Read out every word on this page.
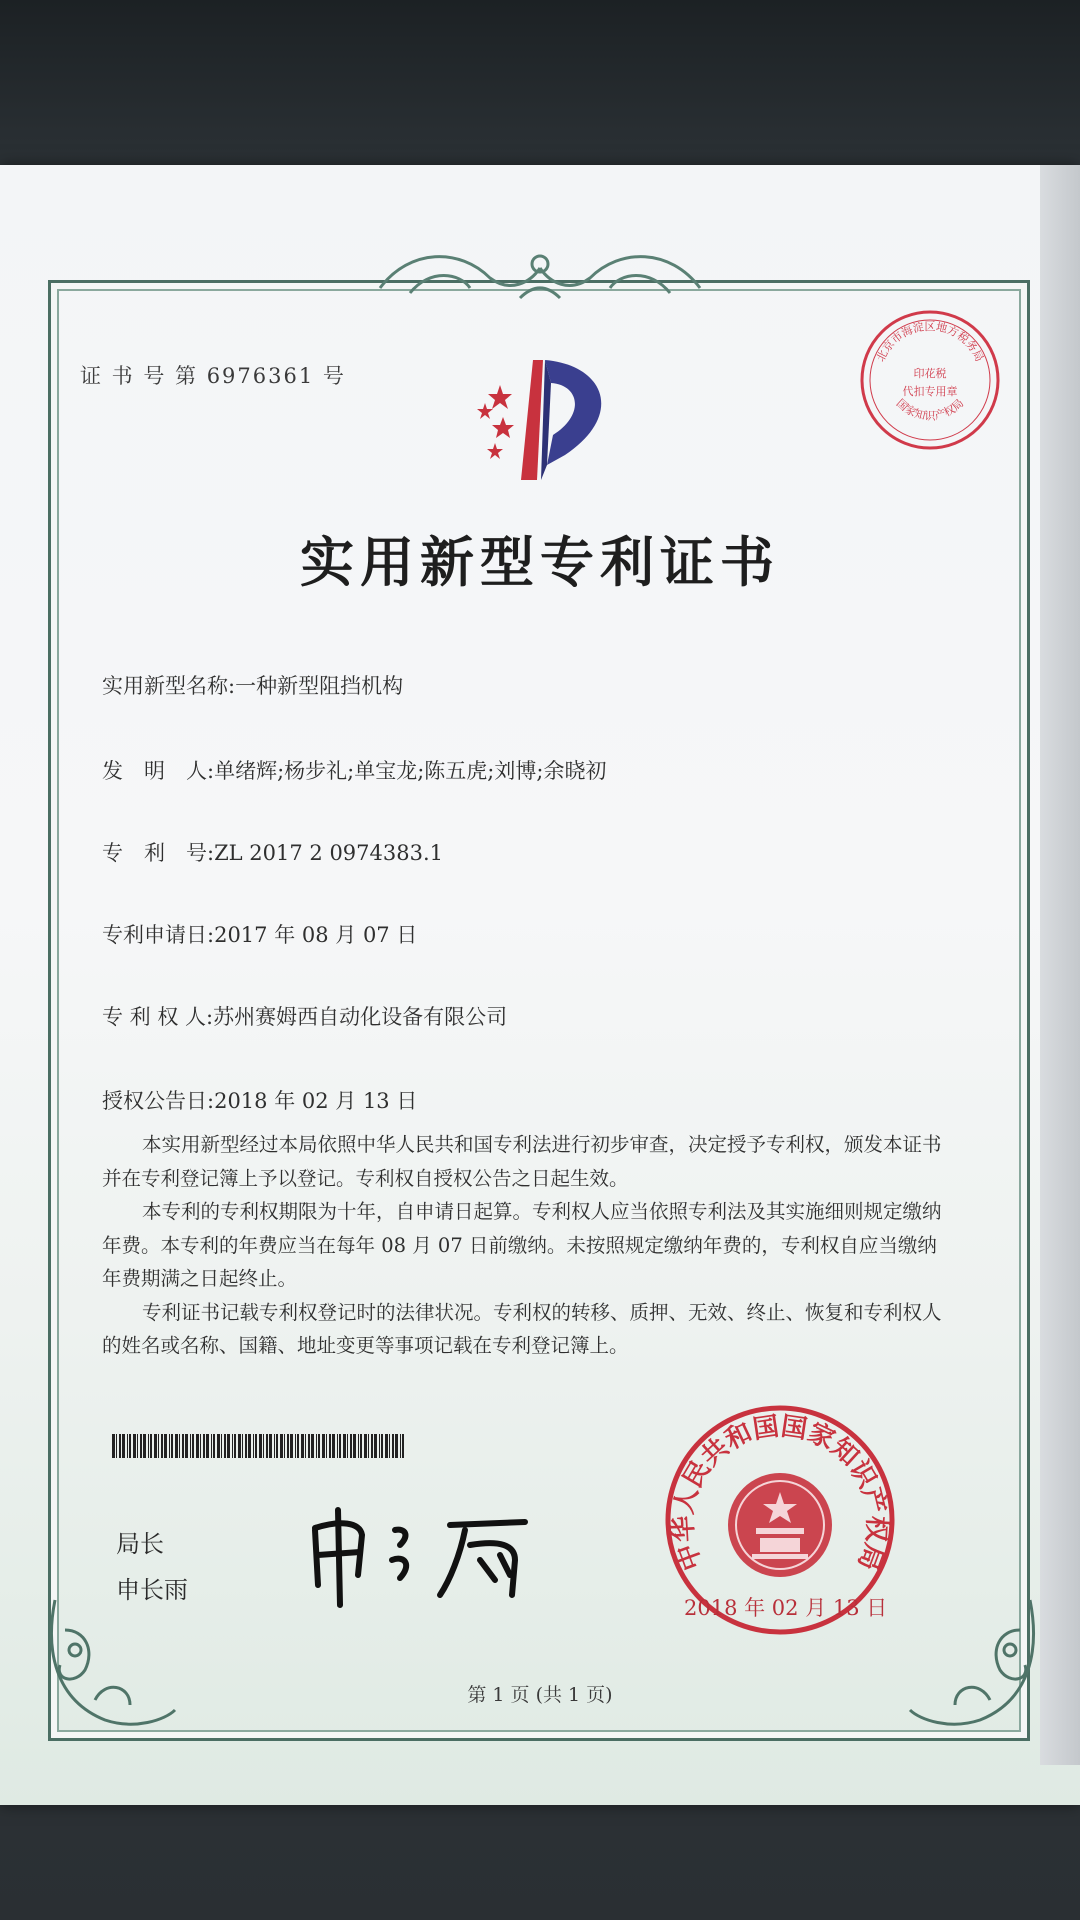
证 书 号 第 6976361 号
北京市海淀区地方税务局
印花税
代扣专用章
国家知识产权局
实用新型专利证书
实用新型名称:一种新型阻挡机构
发　明　人:单绪辉;杨步礼;单宝龙;陈五虎;刘博;余晓初
专　利　号:ZL 2017 2 0974383.1
专利申请日:2017 年 08 月 07 日
专 利 权 人:苏州赛姆西自动化设备有限公司
授权公告日:2018 年 02 月 13 日

本实用新型经过本局依照中华人民共和国专利法进行初步审查，决定授予专利权，颁发本证书并在专利登记簿上予以登记。专利权自授权公告之日起生效。

本专利的专利权期限为十年，自申请日起算。专利权人应当依照专利法及其实施细则规定缴纳年费。本专利的年费应当在每年 08 月 07 日前缴纳。未按照规定缴纳年费的，专利权自应当缴纳年费期满之日起终止。

专利证书记载专利权登记时的法律状况。专利权的转移、质押、无效、终止、恢复和专利权人的姓名或名称、国籍、地址变更等事项记载在专利登记簿上。

局长
申长雨
中华人民共和国国家知识产权局
2018 年 02 月 13 日
第 1 页 (共 1 页)
